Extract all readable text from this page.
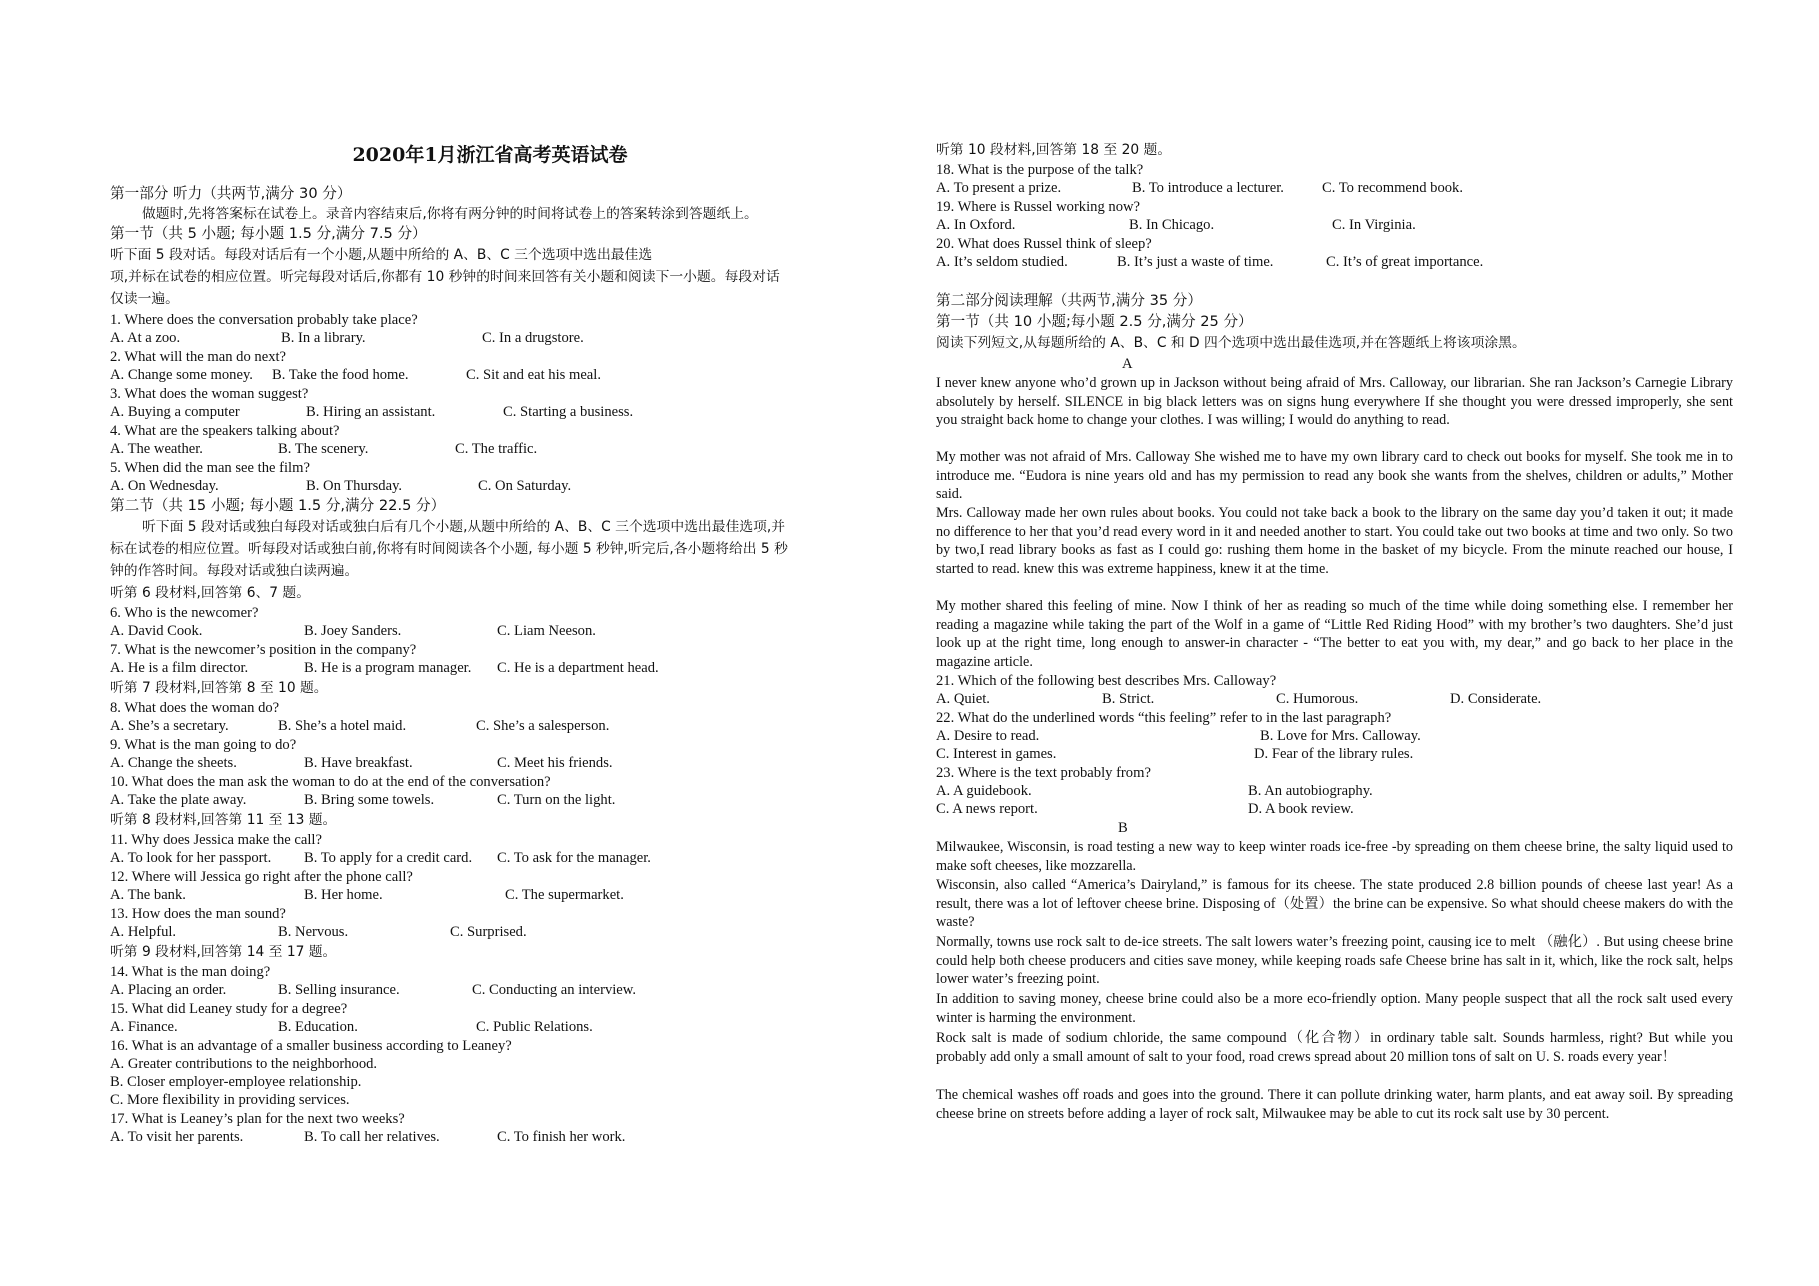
2020年1月浙江省高考英语试卷
第一部分 听力（共两节,满分 30 分）
做题时,先将答案标在试卷上。录音内容结束后,你将有两分钟的时间将试卷上的答案转涂到答题纸上。
第一节（共 5 小题; 每小题 1.5 分,满分 7.5 分）
听下面 5 段对话。每段对话后有一个小题,从题中所给的 A、B、C 三个选项中选出最佳选
项,并标在试卷的相应位置。听完每段对话后,你都有 10 秒钟的时间来回答有关小题和阅读下一小题。每段对话
仅读一遍。
1. Where does the conversation probably take place?
A. At a zoo.	B. In a library.	C. In a drugstore.
2. What will the man do next?
A. Change some money. B. Take the food home.	C. Sit and eat his meal.
3. What does the woman suggest?
A. Buying a computer	B. Hiring an assistant.	C. Starting a business.
4. What are the speakers talking about?
A. The weather.	B. The scenery.	C. The traffic.
5. When did the man see the film?
A. On Wednesday.	B. On Thursday.	C. On Saturday.
第二节（共 15 小题; 每小题 1.5 分,满分 22.5 分）
听下面 5 段对话或独白每段对话或独白后有几个小题,从题中所给的 A、B、C 三个选项中选出最佳选项,并
标在试卷的相应位置。听每段对话或独白前,你将有时间阅读各个小题, 每小题 5 秒钟,听完后,各小题将给出 5 秒
钟的作答时间。每段对话或独白读两遍。
听第 6 段材料,回答第 6、7 题。
6. Who is the newcomer?
A. David Cook.	B. Joey Sanders.	C. Liam Neeson.
7. What is the newcomer’s position in the company?
A. He is a film director.	B. He is a program manager. C. He is a department head.
听第 7 段材料,回答第 8 至 10 题。
8. What does the woman do?
A. She’s a secretary.	B. She’s a hotel maid.	C. She’s a salesperson.
9. What is the man going to do?
A. Change the sheets.	B. Have breakfast.	C. Meet his friends.
10. What does the man ask the woman to do at the end of the conversation?
A. Take the plate away.	B. Bring some towels.	C. Turn on the light.
听第 8 段材料,回答第 11 至 13 题。
11. Why does Jessica make the call?
A. To look for her passport. B. To apply for a credit card. C. To ask for the manager.
12. Where will Jessica go right after the phone call?
A. The bank.	B. Her home.	C. The supermarket.
13. How does the man sound?
A. Helpful.	B. Nervous.	C. Surprised.
听第 9 段材料,回答第 14 至 17 题。
14. What is the man doing?
A. Placing an order.	B. Selling insurance.	C. Conducting an interview.
15. What did Leaney study for a degree?
A. Finance.	B. Education.	C. Public Relations.
16. What is an advantage of a smaller business according to Leaney?
A. Greater contributions to the neighborhood.
B. Closer employer-employee relationship.
C. More flexibility in providing services.
17. What is Leaney’s plan for the next two weeks?
A. To visit her parents.	B. To call her relatives.	C. To finish her work.
听第 10 段材料,回答第 18 至 20 题。
18. What is the purpose of the talk?
A. To present a prize.	B. To introduce a lecturer.	C. To recommend book.
19. Where is Russel working now?
A. In Oxford.	B. In Chicago.	C. In Virginia.
20. What does Russel think of sleep?
A. It’s seldom studied.	B. It’s just a waste of time.	C. It’s of great importance.
第二部分阅读理解（共两节,满分 35 分）
第一节（共 10 小题;每小题 2.5 分,满分 25 分）
阅读下列短文,从每题所给的 A、B、C 和 D 四个选项中选出最佳选项,并在答题纸上将该项涂黑。
A
I never knew anyone who’d grown up in Jackson without being afraid of Mrs. Calloway, our librarian. She ran Jackson’s Carnegie Library absolutely by herself. SILENCE in big black letters was on signs hung everywhere If she thought you were dressed improperly, she sent you straight back home to change your clothes. I was willing; I would do anything to read.
My mother was not afraid of Mrs. Calloway She wished me to have my own library card to check out books for myself. She took me in to introduce me. “Eudora is nine years old and has my permission to read any book she wants from the shelves, children or adults,” Mother said.
Mrs. Calloway made her own rules about books. You could not take back a book to the library on the same day you’d taken it out; it made no difference to her that you’d read every word in it and needed another to start. You could take out two books at time and two only. So two by two,I read library books as fast as I could go: rushing them home in the basket of my bicycle. From the minute reached our house, I started to read. knew this was extreme happiness, knew it at the time.
My mother shared this feeling of mine. Now I think of her as reading so much of the time while doing something else. I remember her reading a magazine while taking the part of the Wolf in a game of “Little Red Riding Hood” with my brother’s two daughters. She’d just look up at the right time, long enough to answer-in character - “The better to eat you with, my dear,” and go back to her place in the magazine article.
21. Which of the following best describes Mrs. Calloway?
A. Quiet.	B. Strict.	C. Humorous.	D. Considerate.
22. What do the underlined words “this feeling” refer to in the last paragraph?
A. Desire to read.	B. Love for Mrs. Calloway.
C. Interest in games.	D. Fear of the library rules.
23. Where is the text probably from?
A. A guidebook.	B. An autobiography.
C. A news report.	D. A book review.
B
Milwaukee, Wisconsin, is road testing a new way to keep winter roads ice-free -by spreading on them cheese brine, the salty liquid used to make soft cheeses, like mozzarella.
Wisconsin, also called “America’s Dairyland,” is famous for its cheese. The state produced 2.8 billion pounds of cheese last year! As a result, there was a lot of leftover cheese brine. Disposing of（处置）the brine can be expensive. So what should cheese makers do with the waste?
Normally, towns use rock salt to de-ice streets. The salt lowers water’s freezing point, causing ice to melt （融化）. But using cheese brine could help both cheese producers and cities save money, while keeping roads safe Cheese brine has salt in it, which, like the rock salt, helps lower water’s freezing point.
In addition to saving money, cheese brine could also be a more eco-friendly option. Many people suspect that all the rock salt used every winter is harming the environment.
Rock salt is made of sodium chloride, the same compound（化合物）in ordinary table salt. Sounds harmless, right? But while you probably add only a small amount of salt to your food, road crews spread about 20 million tons of salt on U. S. roads every year！
The chemical washes off roads and goes into the ground. There it can pollute drinking water, harm plants, and eat away soil. By spreading cheese brine on streets before adding a layer of rock salt, Milwaukee may be able to cut its rock salt use by 30 percent.
